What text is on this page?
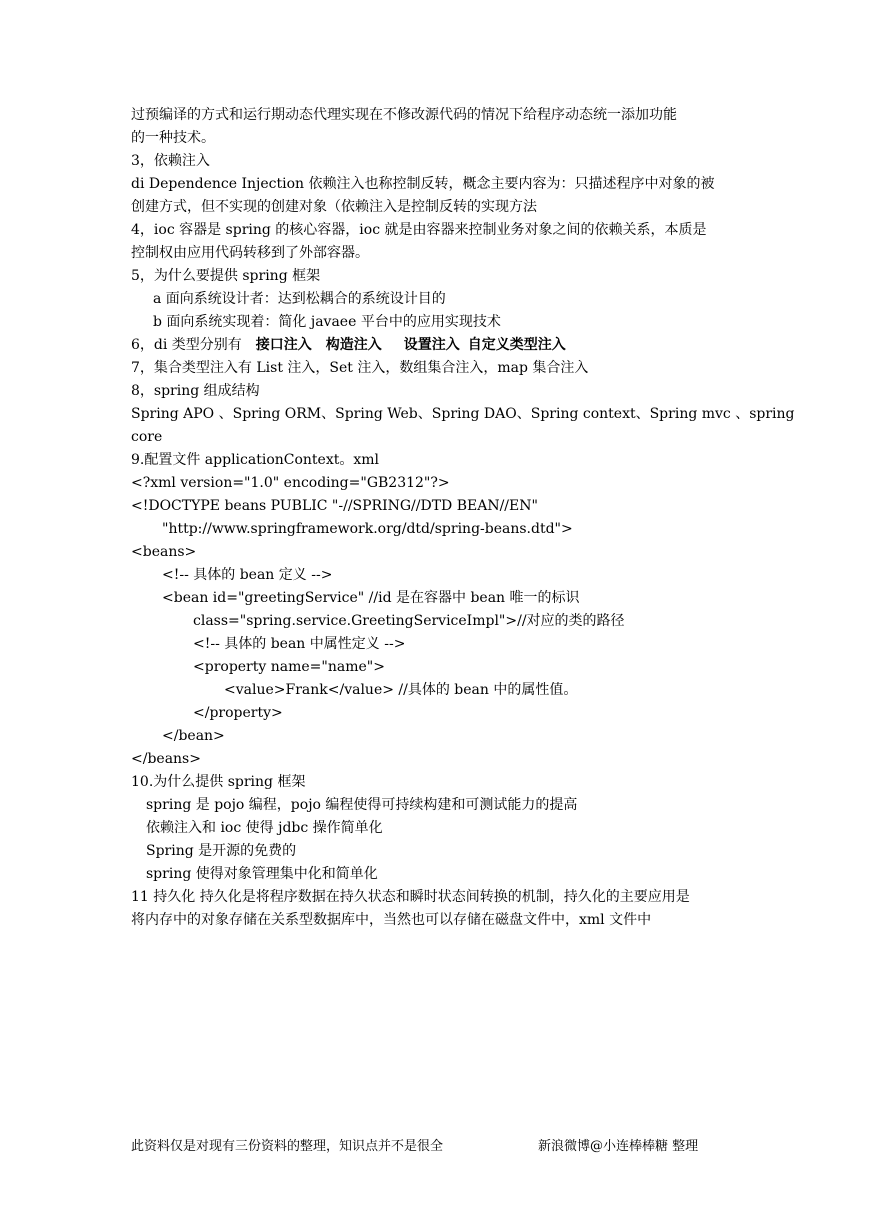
过预编译的方式和运行期动态代理实现在不修改源代码的情况下给程序动态统一添加功能
的一种技术。
3，依赖注入
di Dependence Injection 依赖注入也称控制反转，概念主要内容为：只描述程序中对象的被
创建方式，但不实现的创建对象（依赖注入是控制反转的实现方法
4，ioc 容器是 spring 的核心容器，ioc 就是由容器来控制业务对象之间的依赖关系，本质是
控制权由应用代码转移到了外部容器。
5，为什么要提供 spring 框架
a 面向系统设计者：达到松耦合的系统设计目的
b 面向系统实现着：简化 javaee 平台中的应用实现技术
6，di 类型分别有 接口注入 构造注入 设置注入 自定义类型注入
7，集合类型注入有 List 注入，Set 注入，数组集合注入，map 集合注入
8，spring 组成结构
Spring APO 、Spring ORM、Spring Web、Spring DAO、Spring context、Spring mvc 、spring
core
9.配置文件 applicationContext。xml
<?xml version="1.0" encoding="GB2312"?>
<!DOCTYPE beans PUBLIC "-//SPRING//DTD BEAN//EN"
"http://www.springframework.org/dtd/spring-beans.dtd">
<beans>
<!-- 具体的 bean 定义 -->
<bean id="greetingService" //id 是在容器中 bean 唯一的标识
class="spring.service.GreetingServiceImpl">//对应的类的路径
<!-- 具体的 bean 中属性定义 -->
<property name="name">
<value>Frank</value> //具体的 bean 中的属性值。
</property>
</bean>
</beans>
10.为什么提供 spring 框架
spring 是 pojo 编程，pojo 编程使得可持续构建和可测试能力的提高
依赖注入和 ioc 使得 jdbc 操作简单化
Spring 是开源的免费的
spring 使得对象管理集中化和简单化
11 持久化 持久化是将程序数据在持久状态和瞬时状态间转换的机制，持久化的主要应用是
将内存中的对象存储在关系型数据库中，当然也可以存储在磁盘文件中，xml 文件中
此资料仅是对现有三份资料的整理，知识点并不是很全	新浪微博@小连棒棒糖 整理
